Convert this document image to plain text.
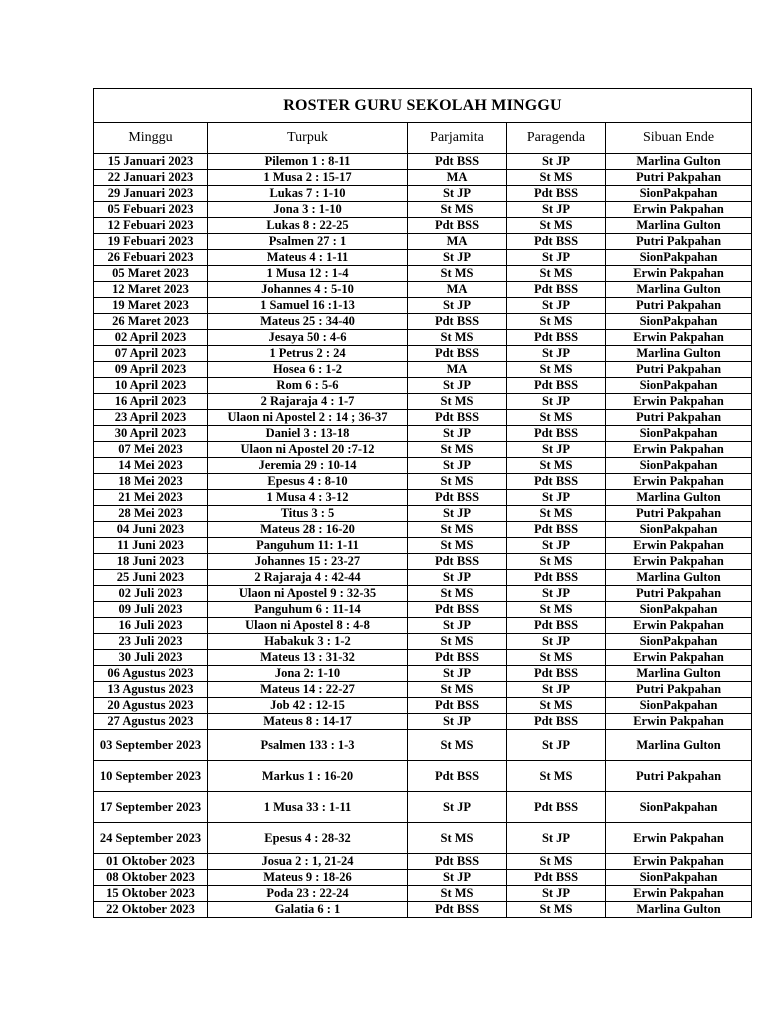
ROSTER GURU SEKOLAH MINGGU				
Minggu	Turpuk	Parjamita	Paragenda	Sibuan Ende
15 Januari 2023	Pilemon 1 : 8-11	Pdt BSS	St JP	Marlina Gulton
22 Januari 2023	1 Musa 2 : 15-17	MA	St MS	Putri Pakpahan
29 Januari 2023	Lukas 7 : 1-10	St JP	Pdt BSS	SionPakpahan
05 Febuari 2023	Jona 3 : 1-10	St MS	St JP	Erwin Pakpahan
12 Febuari 2023	Lukas 8 : 22-25	Pdt BSS	St MS	Marlina Gulton
19 Febuari 2023	Psalmen 27 : 1	MA	Pdt BSS	Putri Pakpahan
26 Febuari 2023	Mateus 4 : 1-11	St JP	St JP	SionPakpahan
05 Maret 2023	1 Musa 12 : 1-4	St MS	St MS	Erwin Pakpahan
12 Maret 2023	Johannes 4 : 5-10	MA	Pdt BSS	Marlina Gulton
19 Maret 2023	1 Samuel 16 :1-13	St JP	St JP	Putri Pakpahan
26 Maret 2023	Mateus 25 : 34-40	Pdt BSS	St MS	SionPakpahan
02 April 2023	Jesaya 50 : 4-6	St MS	Pdt BSS	Erwin Pakpahan
07 April 2023	1 Petrus 2 : 24	Pdt BSS	St JP	Marlina Gulton
09 April 2023	Hosea 6 : 1-2	MA	St MS	Putri Pakpahan
10 April 2023	Rom 6 : 5-6	St JP	Pdt BSS	SionPakpahan
16 April 2023	2 Rajaraja 4 : 1-7	St MS	St JP	Erwin Pakpahan
23 April 2023	Ulaon ni Apostel 2 : 14 ; 36-37	Pdt BSS	St MS	Putri Pakpahan
30 April 2023	Daniel 3 : 13-18	St JP	Pdt BSS	SionPakpahan
07 Mei 2023	Ulaon ni Apostel 20 :7-12	St MS	St JP	Erwin Pakpahan
14 Mei 2023	Jeremia 29 : 10-14	St JP	St MS	SionPakpahan
18 Mei 2023	Epesus 4 : 8-10	St MS	Pdt BSS	Erwin Pakpahan
21 Mei 2023	1 Musa 4 : 3-12	Pdt BSS	St JP	Marlina Gulton
28 Mei 2023	Titus 3 : 5	St JP	St MS	Putri Pakpahan
04 Juni 2023	Mateus 28 : 16-20	St MS	Pdt BSS	SionPakpahan
11 Juni 2023	Panguhum 11: 1-11	St MS	St JP	Erwin Pakpahan
18 Juni 2023	Johannes 15 : 23-27	Pdt BSS	St MS	Erwin Pakpahan
25 Juni 2023	2 Rajaraja 4 : 42-44	St JP	Pdt BSS	Marlina Gulton
02 Juli 2023	Ulaon ni Apostel 9 : 32-35	St MS	St JP	Putri Pakpahan
09 Juli 2023	Panguhum 6 : 11-14	Pdt BSS	St MS	SionPakpahan
16 Juli 2023	Ulaon ni Apostel 8 : 4-8	St JP	Pdt BSS	Erwin Pakpahan
23 Juli 2023	Habakuk 3 : 1-2	St MS	St JP	SionPakpahan
30 Juli 2023	Mateus 13 : 31-32	Pdt BSS	St MS	Erwin Pakpahan
06 Agustus 2023	Jona 2: 1-10	St JP	Pdt BSS	Marlina Gulton
13 Agustus 2023	Mateus 14 : 22-27	St MS	St JP	Putri Pakpahan
20 Agustus 2023	Job 42 : 12-15	Pdt BSS	St MS	SionPakpahan
27 Agustus 2023	Mateus 8 : 14-17	St JP	Pdt BSS	Erwin Pakpahan
03 September 2023	Psalmen 133 : 1-3	St MS	St JP	Marlina Gulton
10 September 2023	Markus 1 : 16-20	Pdt BSS	St MS	Putri Pakpahan
17 September 2023	1 Musa 33 : 1-11	St JP	Pdt BSS	SionPakpahan
24 September 2023	Epesus 4 : 28-32	St MS	St JP	Erwin Pakpahan
01 Oktober 2023	Josua 2 : 1, 21-24	Pdt BSS	St MS	Erwin Pakpahan
08 Oktober 2023	Mateus 9 : 18-26	St JP	Pdt BSS	SionPakpahan
15 Oktober 2023	Poda 23 : 22-24	St MS	St JP	Erwin Pakpahan
22 Oktober 2023	Galatia 6 : 1	Pdt BSS	St MS	Marlina Gulton
